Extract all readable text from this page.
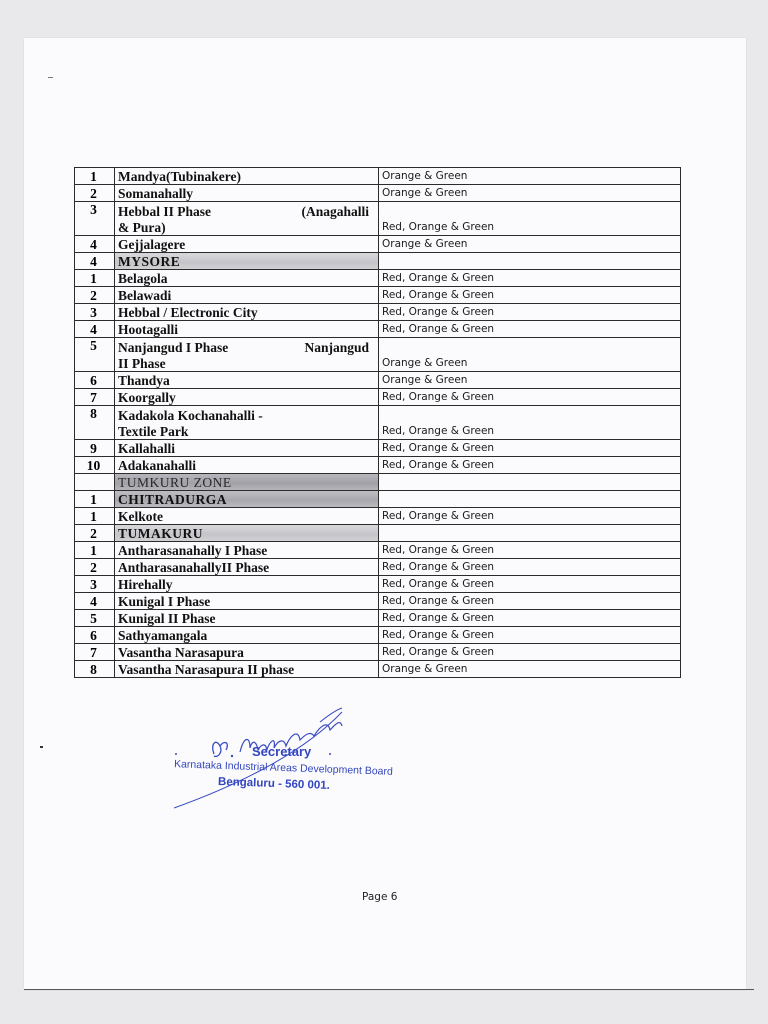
1	Mandya(Tubinakere)	Orange & Green
2	Somanahally	Orange & Green
3	Hebbal II Phase (Anagahalli
& Pura)	Red, Orange & Green
4	Gejjalagere	Orange & Green
4	MYSORE	
1	Belagola	Red, Orange & Green
2	Belawadi	Red, Orange & Green
3	Hebbal / Electronic City	Red, Orange & Green
4	Hootagalli	Red, Orange & Green
5	Nanjangud I Phase Nanjangud
II Phase	Orange & Green
6	Thandya	Orange & Green
7	Koorgally	Red, Orange & Green
8	Kadakola Kochanahalli -
Textile Park	Red, Orange & Green
9	Kallahalli	Red, Orange & Green
10	Adakanahalli	Red, Orange & Green
	TUMKURU ZONE	
1	CHITRADURGA	
1	Kelkote	Red, Orange & Green
2	TUMAKURU	
1	Antharasanahally I Phase	Red, Orange & Green
2	AntharasanahallyII Phase	Red, Orange & Green
3	Hirehally	Red, Orange & Green
4	Kunigal I Phase	Red, Orange & Green
5	Kunigal II Phase	Red, Orange & Green
6	Sathyamangala	Red, Orange & Green
7	Vasantha Narasapura	Red, Orange & Green
8	Vasantha Narasapura II phase	Orange & Green
Secretary
Karnataka Industrial Areas Development Board
Bengaluru - 560 001.
Page 6
